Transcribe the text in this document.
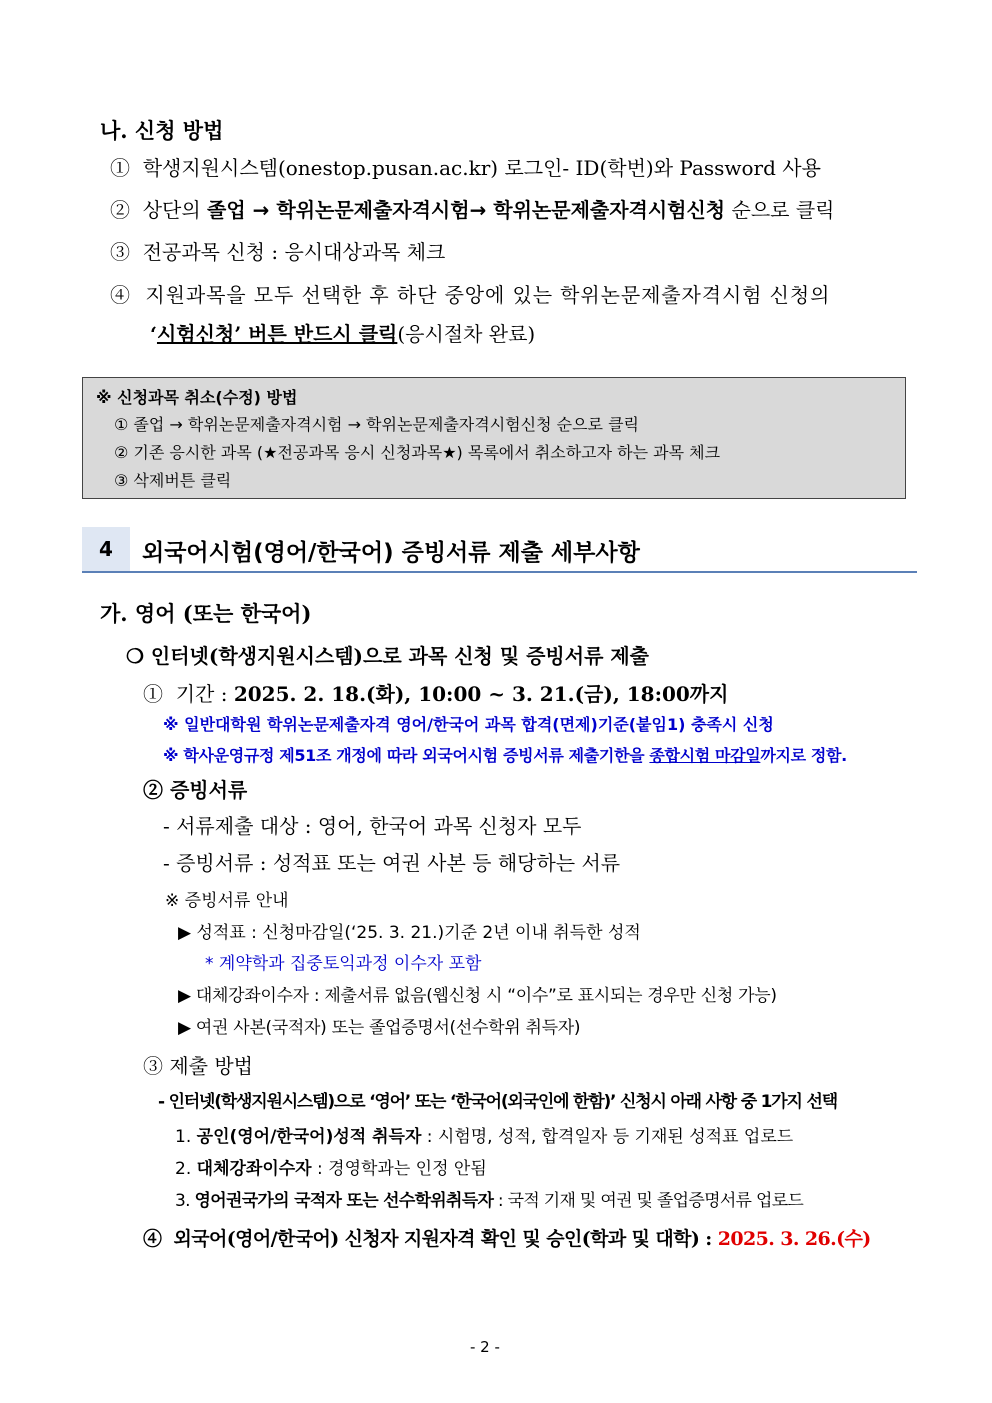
나. 신청 방법
① 학생지원시스템(onestop.pusan.ac.kr) 로그인- ID(학번)와 Password 사용
② 상단의 졸업 → 학위논문제출자격시험→ 학위논문제출자격시험신청 순으로 클릭
③ 전공과목 신청 : 응시대상과목 체크
④ 지원과목을 모두 선택한 후 하단 중앙에 있는 학위논문제출자격시험 신청의
‘시험신청’ 버튼 반드시 클릭(응시절차 완료)
※ 신청과목 취소(수정) 방법
① 졸업 → 학위논문제출자격시험 → 학위논문제출자격시험신청 순으로 클릭
② 기존 응시한 과목 (★전공과목 응시 신청과목★) 목록에서 취소하고자 하는 과목 체크
③ 삭제버튼 클릭
4	외국어시험(영어/한국어) 증빙서류 제출 세부사항
가. 영어 (또는 한국어)
❍ 인터넷(학생지원시스템)으로 과목 신청 및 증빙서류 제출
① 기간 : 2025. 2. 18.(화), 10:00 ~ 3. 21.(금), 18:00까지
※ 일반대학원 학위논문제출자격 영어/한국어 과목 합격(면제)기준(붙임1) 충족시 신청
※ 학사운영규정 제51조 개정에 따라 외국어시험 증빙서류 제출기한을 종합시험 마감일까지로 정함.
② 증빙서류
- 서류제출 대상 : 영어, 한국어 과목 신청자 모두
- 증빙서류 : 성적표 또는 여권 사본 등 해당하는 서류
※ 증빙서류 안내
▶ 성적표 : 신청마감일(‘25. 3. 21.)기준 2년 이내 취득한 성적
* 계약학과 집중토익과정 이수자 포함
▶ 대체강좌이수자 : 제출서류 없음(웹신청 시 “이수”로 표시되는 경우만 신청 가능)
▶ 여권 사본(국적자) 또는 졸업증명서(선수학위 취득자)
③ 제출 방법
- 인터넷(학생지원시스템)으로 ‘영어’ 또는 ‘한국어(외국인에 한함)’ 신청시 아래 사항 중 1가지 선택
1. 공인(영어/한국어)성적 취득자 : 시험명, 성적, 합격일자 등 기재된 성적표 업로드
2. 대체강좌이수자 : 경영학과는 인정 안됨
3. 영어권국가의 국적자 또는 선수학위취득자 : 국적 기재 및 여권 및 졸업증명서류 업로드
④ 외국어(영어/한국어) 신청자 지원자격 확인 및 승인(학과 및 대학) : 2025. 3. 26.(수)
- 2 -
